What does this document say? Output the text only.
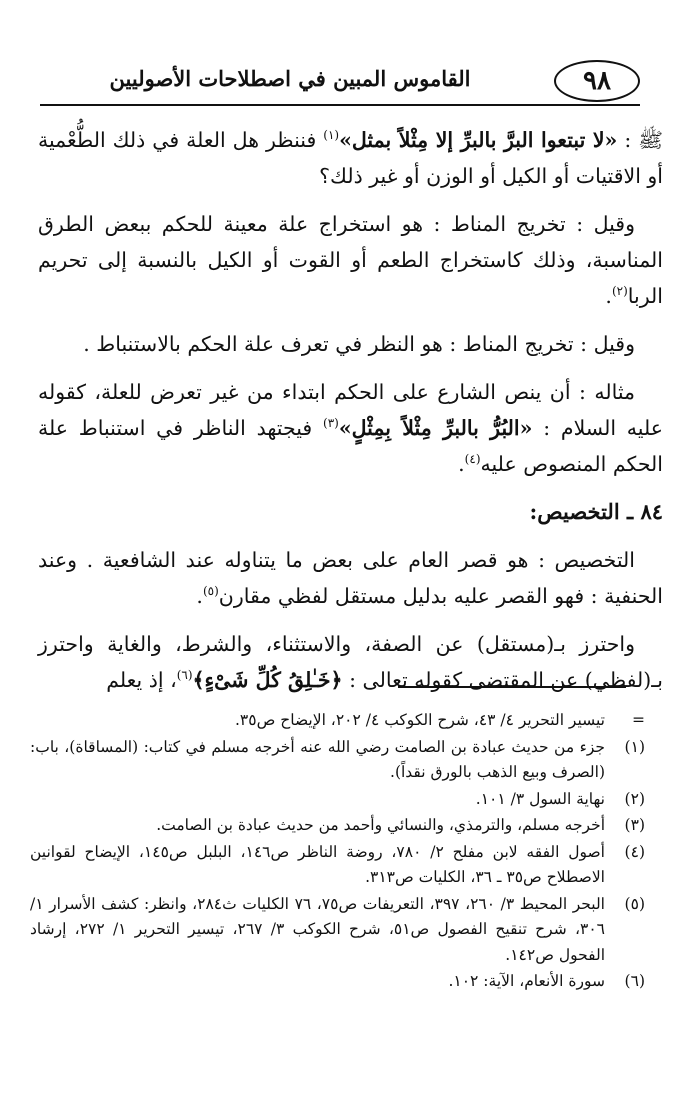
٩٨
القاموس المبين في اصطلاحات الأصوليين

ﷺ : «لا تبتعوا البرَّ بالبرِّ إلا مِثْلاً بمثل»$^{(١)}$ فننظر هل العلة في ذلك الطُّعْمية أو الاقتيات أو الكيل أو الوزن أو غير ذلك؟

وقيل : تخريج المناط : هو استخراج علة معينة للحكم ببعض الطرق المناسبة، وذلك كاستخراج الطعم أو القوت أو الكيل بالنسبة إلى تحريم الربا$^{(٢)}$.

وقيل : تخريج المناط : هو النظر في تعرف علة الحكم بالاستنباط .

مثاله : أن ينص الشارع على الحكم ابتداء من غير تعرض للعلة، كقوله عليه السلام : «البُرُّ بالبرِّ مِثْلاً بِمِثْلٍ»$^{(٣)}$ فيجتهد الناظر في استنباط علة الحكم المنصوص عليه$^{(٤)}$.

٨٤ ـ التخصيص:

التخصيص : هو قصر العام على بعض ما يتناوله عند الشافعية . وعند الحنفية : فهو القصر عليه بدليل مستقل لفظي مقارن$^{(٥)}$.

واحترز بـ(مستقل) عن الصفة، والاستثناء، والشرط، والغاية واحترز بـ(لفظي) عن المقتضى كقوله تعالى : ﴿خَـٰلِقُ كُلِّ شَىْءٍ﴾$^{(٦)}$، إذ يعلم

=
تيسير التحرير ٤/ ٤٣، شرح الكوكب ٤/ ٢٠٢، الإيضاح ص٣٥.
(١)
جزء من حديث عبادة بن الصامت رضي الله عنه أخرجه مسلم في كتاب: (المساقاة)، باب: (الصرف وبيع الذهب بالورق نقداً).
(٢)
نهاية السول ٣/ ١٠١.
(٣)
أخرجه مسلم، والترمذي، والنسائي وأحمد من حديث عبادة بن الصامت.
(٤)
أصول الفقه لابن مفلح ٢/ ٧٨٠، روضة الناظر ص١٤٦، البلبل ص١٤٥، الإيضاح لقوانين الاصطلاح ص٣٥ ـ ٣٦، الكليات ص٣١٣.
(٥)
البحر المحيط ٣/ ٢٦٠، ٣٩٧، التعريفات ص٧٥، ٧٦ الكليات ث٢٨٤، وانظر: كشف الأسرار ١/ ٣٠٦، شرح تنقيح الفصول ص٥١، شرح الكوكب ٣/ ٢٦٧، تيسير التحرير ١/ ٢٧٢، إرشاد الفحول ص١٤٢.
(٦)
سورة الأنعام، الآية: ١٠٢.
